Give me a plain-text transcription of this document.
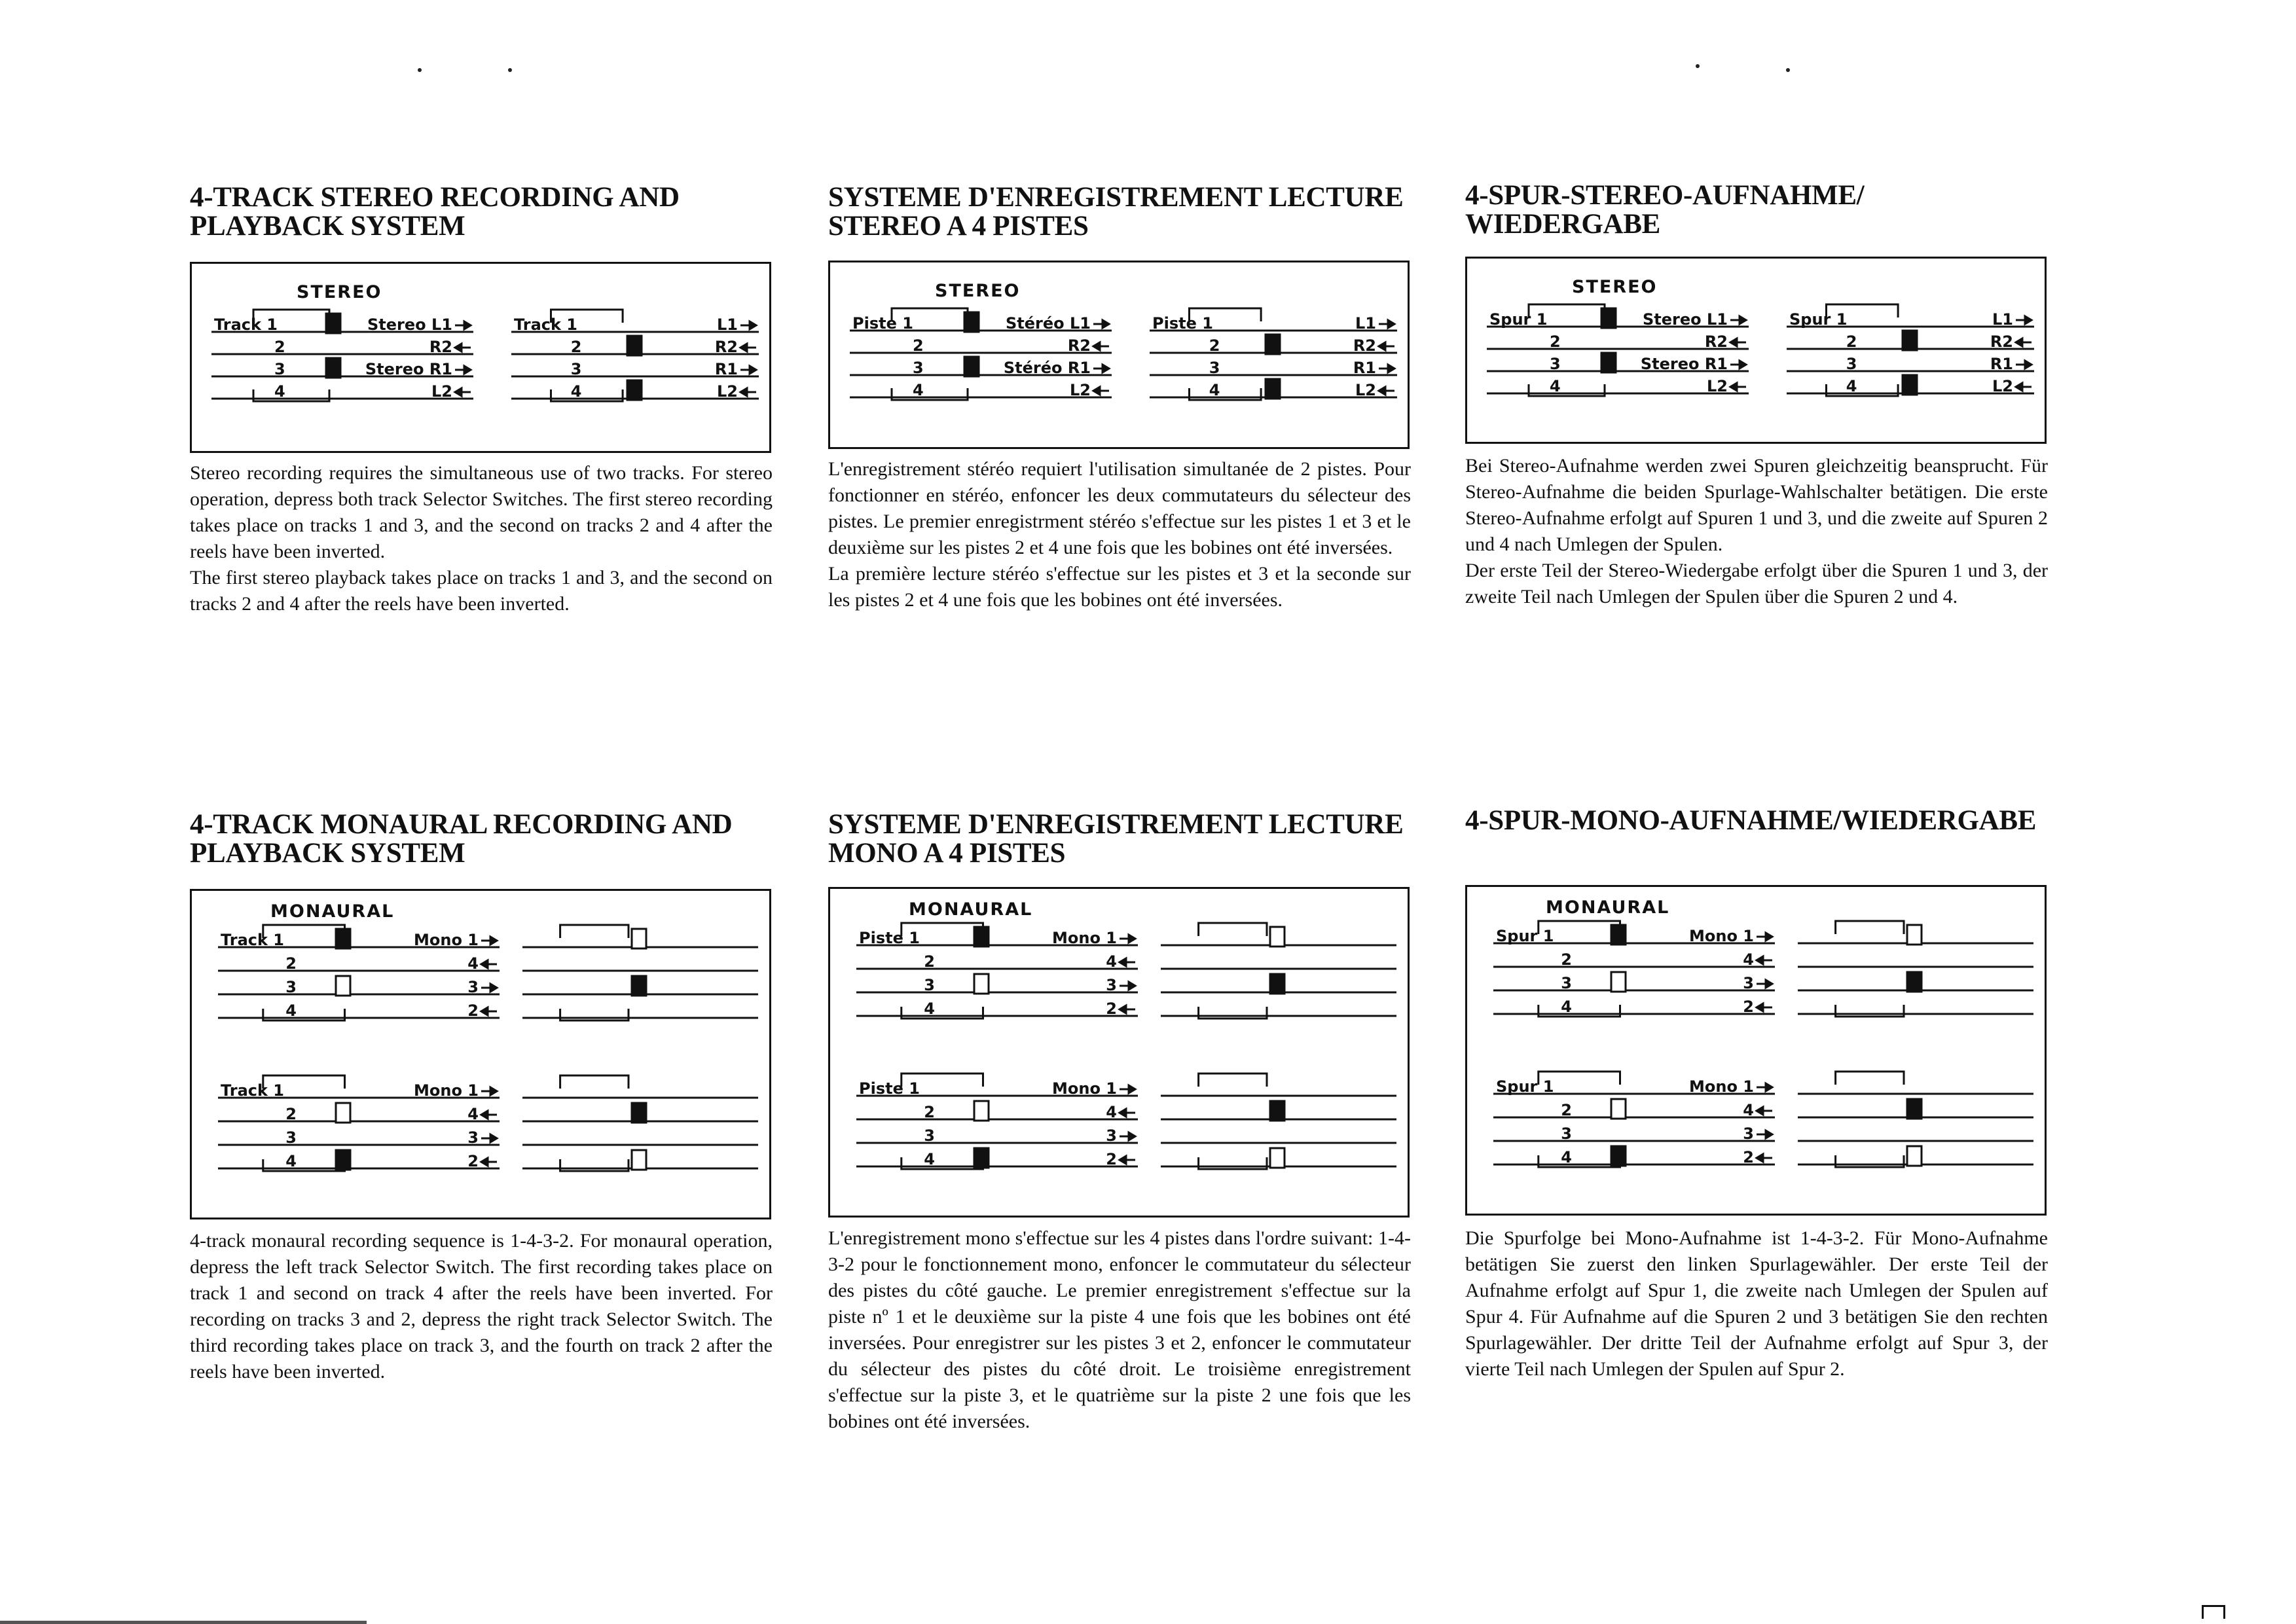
4-TRACK STEREO RECORDING AND
PLAYBACK SYSTEM
STEREO
Track 1	Stereo L1
2	R2
3	Stereo R1
4	L2
Track 1	L1
2	R2
3	R1
4	L2

Stereo recording requires the simultaneous use of two tracks. For stereo operation, depress both track Selector Switches. The first stereo recording takes place on tracks 1 and 3, and the second on tracks 2 and 4 after the reels have been inverted.

The first stereo playback takes place on tracks 1 and 3, and the second on tracks 2 and 4 after the reels have been inverted.

SYSTEME D'ENREGISTREMENT LECTURE
STEREO A 4 PISTES
STEREO
Piste 1	Stéréo L1
2	R2
3	Stéréo R1
4	L2
Piste 1	L1
2	R2
3	R1
4	L2

L'enregistrement stéréo requiert l'utilisation simultanée de 2 pistes. Pour fonctionner en stéréo, enfoncer les deux commutateurs du sélecteur des pistes. Le premier enregistrment stéréo s'effectue sur les pistes 1 et 3 et le deuxième sur les pistes 2 et 4 une fois que les bobines ont été inversées.

La première lecture stéréo s'effectue sur les pistes et 3 et la seconde sur les pistes 2 et 4 une fois que les bobines ont été inversées.

4-SPUR-STEREO-AUFNAHME/
WIEDERGABE
STEREO
Spur 1	Stereo L1
2	R2
3	Stereo R1
4	L2
Spur 1	L1
2	R2
3	R1
4	L2

Bei Stereo-Aufnahme werden zwei Spuren gleichzeitig beansprucht. Für Stereo-Aufnahme die beiden Spurlage-Wahlschalter betätigen. Die erste Stereo-Aufnahme erfolgt auf Spuren 1 und 3, und die zweite auf Spuren 2 und 4 nach Umlegen der Spulen.

Der erste Teil der Stereo-Wiedergabe erfolgt über die Spuren 1 und 3, der zweite Teil nach Umlegen der Spulen über die Spuren 2 und 4.

4-TRACK MONAURAL RECORDING AND
PLAYBACK SYSTEM
MONAURAL
Track 1	Mono 1
2	4
3	3
4	2
Track 1	Mono 1
2	4
3	3
4	2

4-track monaural recording sequence is 1-4-3-2. For monaural operation, depress the left track Selector Switch. The first recording takes place on track 1 and second on track 4 after the reels have been inverted. For recording on tracks 3 and 2, depress the right track Selector Switch. The third recording takes place on track 3, and the fourth on track 2 after the reels have been inverted.

SYSTEME D'ENREGISTREMENT LECTURE
MONO A 4 PISTES
MONAURAL
Piste 1	Mono 1
2	4
3	3
4	2
Piste 1	Mono 1
2	4
3	3
4	2

L'enregistrement mono s'effectue sur les 4 pistes dans l'ordre suivant: 1-4-3-2 pour le fonctionnement mono, enfoncer le commutateur du sélecteur des pistes du côté gauche. Le premier enregistrement s'effectue sur la piste nº 1 et le deuxième sur la piste 4 une fois que les bobines ont été inversées. Pour enregistrer sur les pistes 3 et 2, enfoncer le commutateur du sélecteur des pistes du côté droit. Le troisième enregistrement s'effectue sur la piste 3, et le quatrième sur la piste 2 une fois que les bobines ont été inversées.

4-SPUR-MONO-AUFNAHME/WIEDERGABE
MONAURAL
Spur 1	Mono 1
2	4
3	3
4	2
Spur 1	Mono 1
2	4
3	3
4	2

Die Spurfolge bei Mono-Aufnahme ist 1-4-3-2. Für Mono-Aufnahme betätigen Sie zuerst den linken Spurlagewähler. Der erste Teil der Aufnahme erfolgt auf Spur 1, die zweite nach Umlegen der Spulen auf Spur 4. Für Aufnahme auf die Spuren 2 und 3 betätigen Sie den rechten Spurlagewähler. Der dritte Teil der Aufnahme erfolgt auf Spur 3, der vierte Teil nach Umlegen der Spulen auf Spur 2.
